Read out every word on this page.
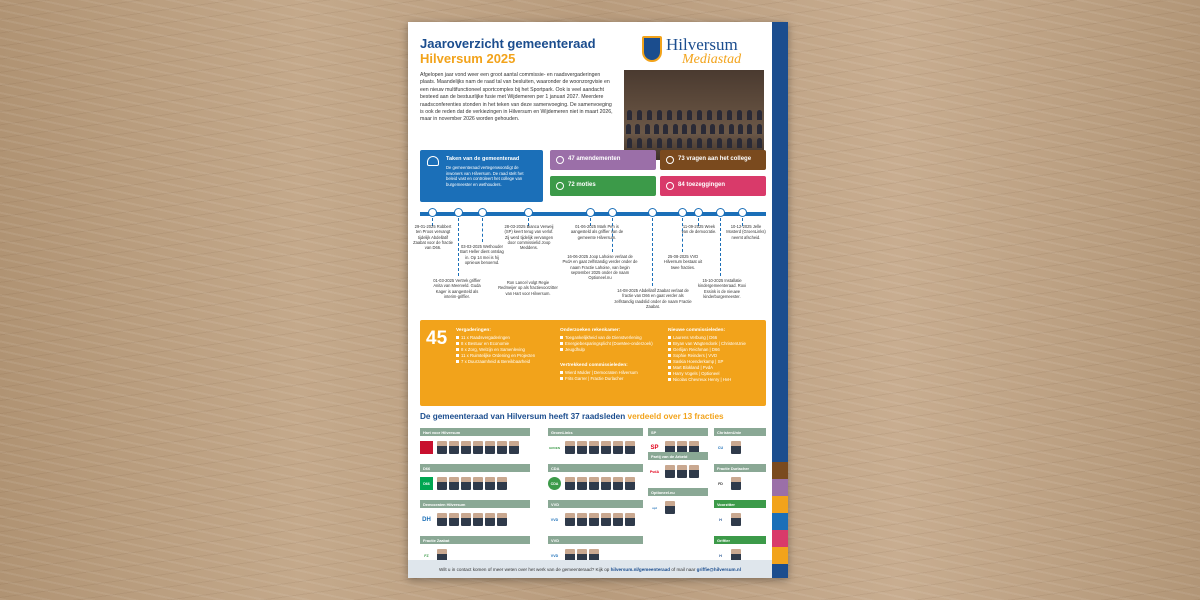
Jaaroverzicht gemeenteraad
Hilversum 2025
Hilversum
Mediastad
Afgelopen jaar vond weer een groot aantal commissie- en raadsvergaderingen plaats. Maandelijks nam de raad tal van besluiten, waaronder de woonzorgvisie en een nieuw multifunctioneel sportcomplex bij het Sportpark. Ook is veel aandacht besteed aan de bestuurlijke fusie met Wijdemeren per 1 januari 2027. Meerdere raadsconferenties stonden in het teken van deze samenvoeging. De samenvoeging is ook de reden dat de verkiezingen in Hilversum en Wijdemeren niet in maart 2026, maar in november 2026 worden gehouden.
Taken van de gemeenteraad
De gemeenteraad vertegenwoordigt de inwoners van Hilversum. De raad stelt het beleid vast en controleert het college van burgemeester en wethouders.
47 amendementen	73 vragen aan het college
72 moties	84 toezeggingen
29-01-2025 Robbert ten Proos vervangt tijdelijk Abdellatif Zaabat voor de fractie van D66.
01-03-2025 Vertrek griffier Anita van Meerveld. Guda Kager is aangesteld als interim-griffier.
03-03-2025 Wethouder Bart Heller dient ontslag in. Op 14 mei is hij opnieuw benoemd.
28-03-2025 Bianca Verweij (SP) keert terug van verlof. Zij werd tijdelijk vervangen door commissielid Joop Meddens.
Ron Lancel volgt Regie Redmeijer op als fractievoorzitter van Hart voor Hilversum.
01-06-2025 Mark Pen is aangesteld als griffier van de gemeente Hilversum.
16-06-2025 Joop Lahoise verlaat de PvdA en gaat zelfstandig verder onder de naam Fractie Lahoise, van begin september 2025 onder de naam Optioneel.nu
14-08-2025 Abdellatif Zaabat verlaat de fractie van D66 en gaat verder als zelfstandig raadslid onder de naam Fractie Zaabat.
25-08-2025 VVD Hilversum bestaat uit twee fracties.
11-09-2025 Week van de democratie.
15-10-2025 Installatie kindergemeenteraad. Roxi Essink is de nieuwe kinderburgemeester.
10-12-2025 Jelle Mosterd (GroenLinks) neemt afscheid.
45 Vergaderingen:
11 x Raadsvergaderingen
8 x Bestuur en Economie
8 x Zorg, Welzijn en Samenleving
11 x Ruimtelijke Ordening en Projecten
7 x Duurzaamheid & Bereikbaarheid
Onderzoeken rekenkamer:
Toegankelijkheid van de Dienstverlening
Energiebesparingsplicht (DoeMee-onderzoek)
Jeugdhulp
Vertrekkend commissieleden:
Wierd Mulder | Democraten Hilversum
Frits Garrer | Fractie Durlacher
Nieuwe commissieleden:
Laurens Verbung | D66
Bryan van Wagtendonk | ChristenUnie
Gerlijan Reichman | D66
Sophie Reinders | VVD
Saskia Hoenderkamp | SP
Mart Blokland | PvdA
Harry Vogels | Optioneel
Nicolas Chevreux Henry | HvH
De gemeenteraad van Hilversum heeft 37 raadsleden verdeeld over 13 fracties
Hart voor Hilversum
D66
D66
Democraten Hilversum
DH
Fractie Zaabat
FZ
GroenLinks
GROEN
CDA
CDA
VVD
VVD
VVD
VVD
SP
SP
Partij van de Arbeid
PvdA
Optioneel.nu
opt
ChristenUnie
CU
Fractie Durlacher
FD
Voorzitter
H
Griffier
H
Wilt u in contact komen of meer weten over het werk van de gemeenteraad? Kijk op hilversum.nl/gemeenteraad of mail naar griffie@hilversum.nl
